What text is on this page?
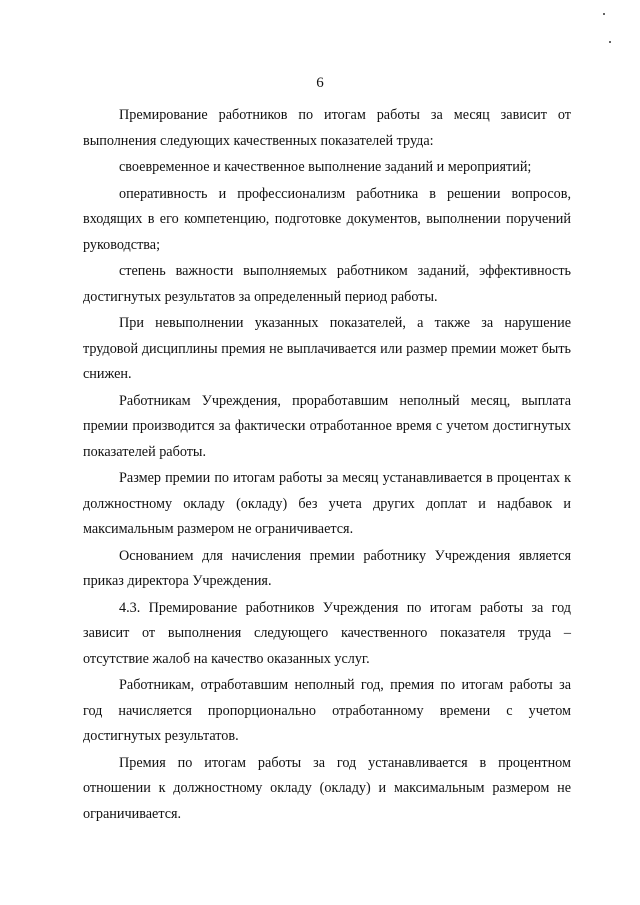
6

Премирование работников по итогам работы за месяц зависит от выполнения следующих качественных показателей труда:

своевременное и качественное выполнение заданий и мероприятий;

оперативность и профессионализм работника в решении вопросов, входящих в его компетенцию, подготовке документов, выполнении поручений руководства;

степень важности выполняемых работником заданий, эффективность достигнутых результатов за определенный период работы.

При невыполнении указанных показателей, а также за нарушение трудовой дисциплины премия не выплачивается или размер премии может быть снижен.

Работникам Учреждения, проработавшим неполный месяц, выплата премии производится за фактически отработанное время с учетом достигнутых показателей работы.

Размер премии по итогам работы за месяц устанавливается в процентах к должностному окладу (окладу) без учета других доплат и надбавок и максимальным размером не ограничивается.

Основанием для начисления премии работнику Учреждения является приказ директора Учреждения.

4.3. Премирование работников Учреждения по итогам работы за год зависит от выполнения следующего качественного показателя труда – отсутствие жалоб на качество оказанных услуг.

Работникам, отработавшим неполный год, премия по итогам работы за год начисляется пропорционально отработанному времени с учетом достигнутых результатов.

Премия по итогам работы за год устанавливается в процентном отношении к должностному окладу (окладу) и максимальным размером не ограничивается.
